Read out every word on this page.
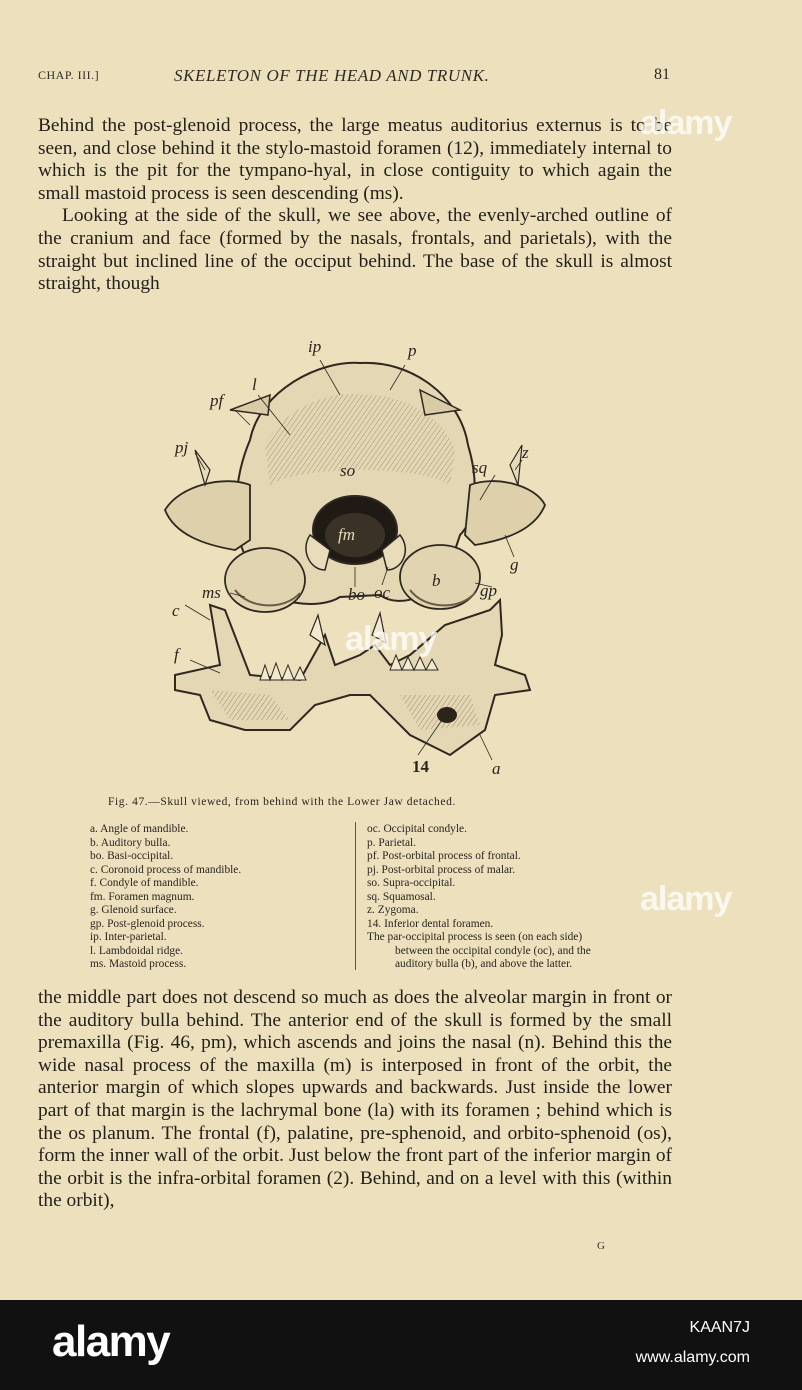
CHAP. III.]	SKELETON OF THE HEAD AND TRUNK.	81

Behind the post-glenoid process, the large meatus auditorius externus is to be seen, and close behind it the stylo-mastoid foramen (12), immediately internal to which is the pit for the tympano-hyal, in close contiguity to which again the small mastoid process is seen descending (ms).

Looking at the side of the skull, we see above, the evenly-arched outline of the cranium and face (formed by the nasals, frontals, and parietals), with the straight but inclined line of the occiput behind. The base of the skull is almost straight, though

ip	p
l
pf
pj
sq
z
so
fm
b
g
gp
oc
bo
ms
c
f
14	a
Fig. 47.—Skull viewed, from behind with the Lower Jaw detached.
a. Angle of mandible.
b. Auditory bulla.
bo. Basi-occipital.
c. Coronoid process of mandible.
f. Condyle of mandible.
fm. Foramen magnum.
g. Glenoid surface.
gp. Post-glenoid process.
ip. Inter-parietal.
l. Lambdoidal ridge.
ms. Mastoid process.
oc. Occipital condyle.
p. Parietal.
pf. Post-orbital process of frontal.
pj. Post-orbital process of malar.
so. Supra-occipital.
sq. Squamosal.
z. Zygoma.
14. Inferior dental foramen.
The par-occipital process is seen (on each side)
between the occipital condyle (oc), and the
auditory bulla (b), and above the latter.

the middle part does not descend so much as does the alveolar margin in front or the auditory bulla behind. The anterior end of the skull is formed by the small premaxilla (Fig. 46, pm), which ascends and joins the nasal (n). Behind this the wide nasal process of the maxilla (m) is interposed in front of the orbit, the anterior margin of which slopes upwards and backwards. Just inside the lower part of that margin is the lachrymal bone (la) with its foramen ; behind which is the os planum. The frontal (f), palatine, pre-sphenoid, and orbito-sphenoid (os), form the inner wall of the orbit. Just below the front part of the inferior margin of the orbit is the infra-orbital foramen (2). Behind, and on a level with this (within the orbit),

G
alamy
alamy
alamy
alamy	KAAN7J
www.alamy.com
